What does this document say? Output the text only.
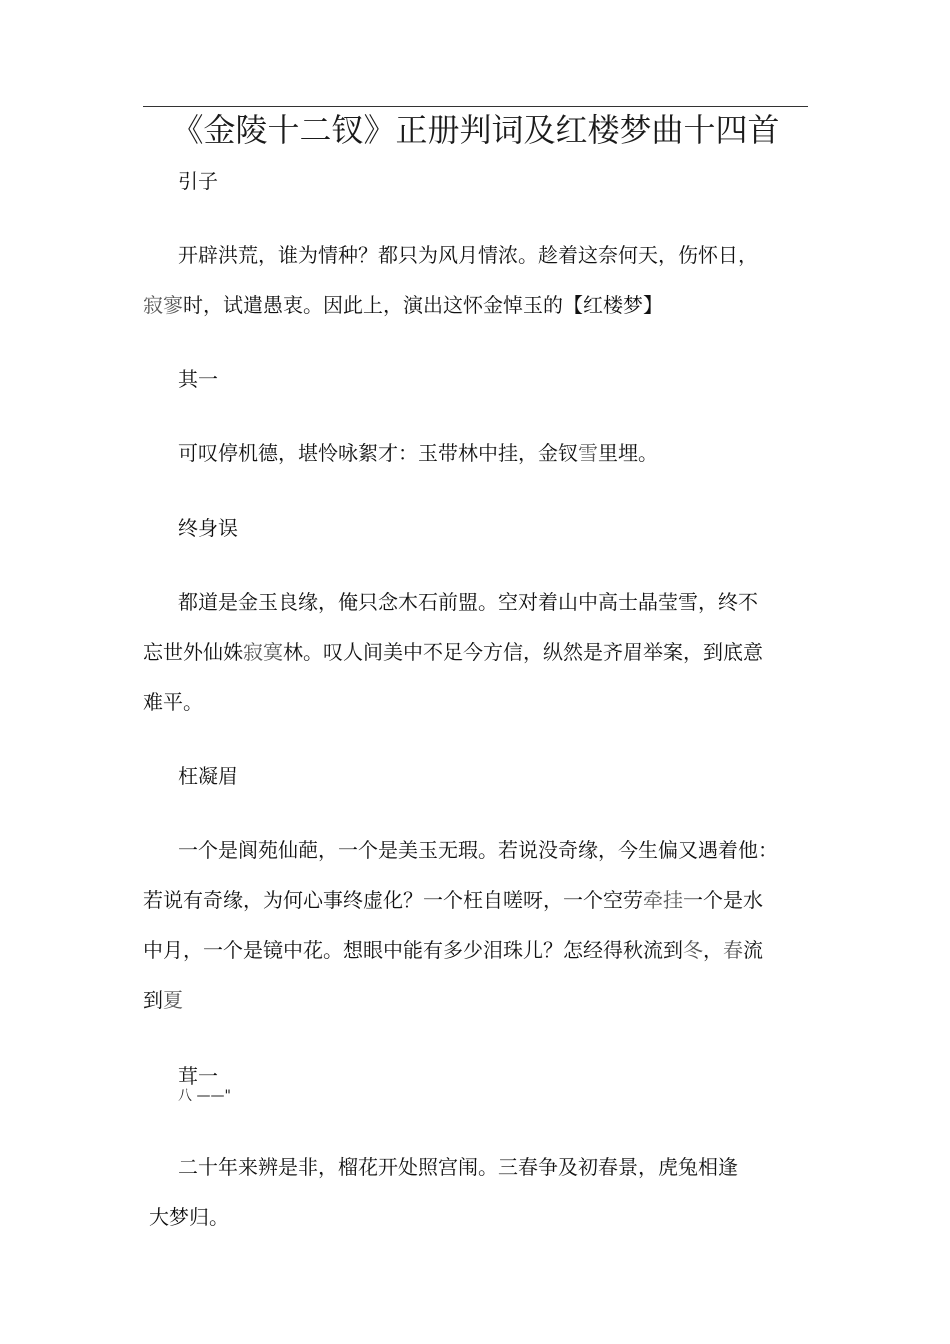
《金陵十二钗》正册判词及红楼梦曲十四首
引子
开辟洪荒，谁为情种？都只为风月情浓。趁着这奈何天，伤怀日，
寂寥时，试遣愚衷。因此上，演出这怀金悼玉的【红楼梦】
其一
可叹停机德，堪怜咏絮才：玉带林中挂，金钗雪里埋。
终身误
都道是金玉良缘，俺只念木石前盟。空对着山中高士晶莹雪，终不
忘世外仙姝寂寞林。叹人间美中不足今方信，纵然是齐眉举案，到底意
难平。
枉凝眉
一个是阆苑仙葩，一个是美玉无瑕。若说没奇缘，今生偏又遇着他：
若说有奇缘，为何心事终虚化？一个枉自嗟呀，一个空劳牵挂一个是水
中月，一个是镜中花。想眼中能有多少泪珠儿？怎经得秋流到冬，春流
到夏
茸一
八 ——"
二十年来辨是非，榴花开处照宫闱。三春争及初春景，虎兔相逢
大梦归。
